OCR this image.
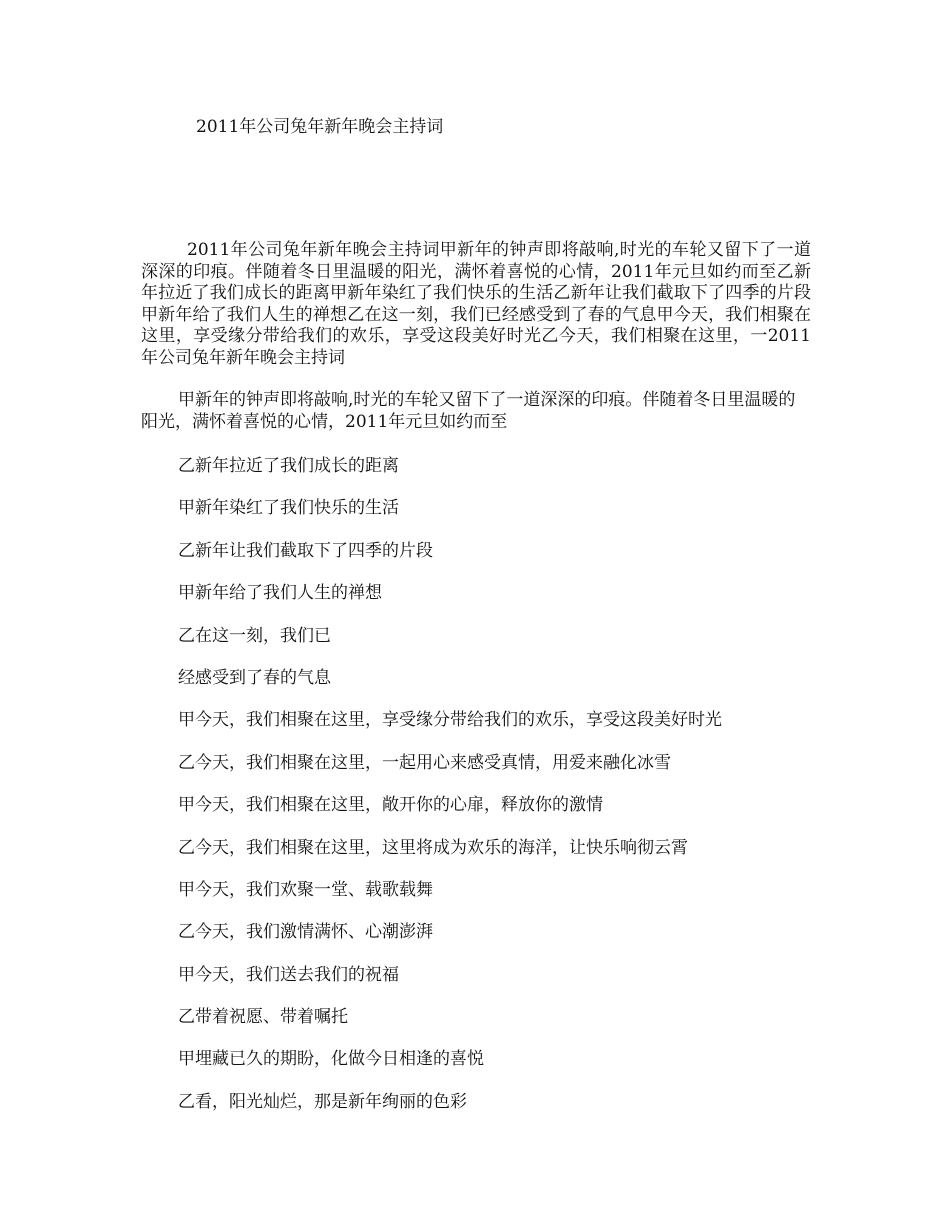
2011年公司兔年新年晚会主持词

2011年公司兔年新年晚会主持词甲新年的钟声即将敲响,时光的车轮又留下了一道深深的印痕。伴随着冬日里温暖的阳光，满怀着喜悦的心情，2011年元旦如约而至乙新年拉近了我们成长的距离甲新年染红了我们快乐的生活乙新年让我们截取下了四季的片段甲新年给了我们人生的禅想乙在这一刻，我们已经感受到了春的气息甲今天，我们相聚在这里，享受缘分带给我们的欢乐，享受这段美好时光乙今天，我们相聚在这里，一2011年公司兔年新年晚会主持词

甲新年的钟声即将敲响,时光的车轮又留下了一道深深的印痕。伴随着冬日里温暖的阳光，满怀着喜悦的心情，2011年元旦如约而至

乙新年拉近了我们成长的距离
甲新年染红了我们快乐的生活
乙新年让我们截取下了四季的片段
甲新年给了我们人生的禅想
乙在这一刻，我们已
经感受到了春的气息
甲今天，我们相聚在这里，享受缘分带给我们的欢乐，享受这段美好时光
乙今天，我们相聚在这里，一起用心来感受真情，用爱来融化冰雪
甲今天，我们相聚在这里，敞开你的心扉，释放你的激情
乙今天，我们相聚在这里，这里将成为欢乐的海洋，让快乐响彻云霄
甲今天，我们欢聚一堂、载歌载舞
乙今天，我们激情满怀、心潮澎湃
甲今天，我们送去我们的祝福
乙带着祝愿、带着嘱托
甲埋藏已久的期盼，化做今日相逢的喜悦
乙看，阳光灿烂，那是新年绚丽的色彩
